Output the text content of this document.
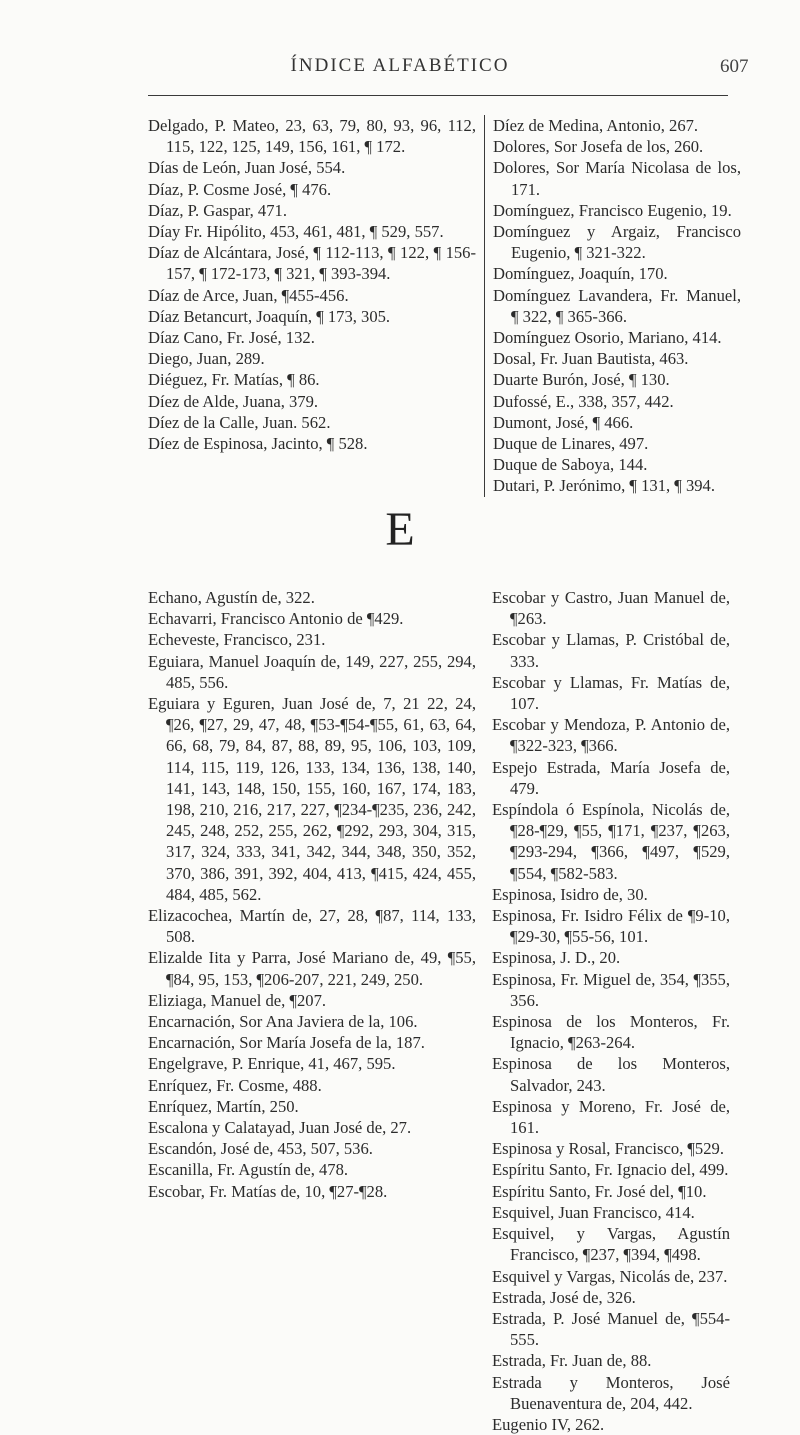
ÍNDICE ALFABÉTICO	607
Delgado, P. Mateo, 23, 63, 79, 80, 93, 96, 112, 115, 122, 125, 149, 156, 161, ¶ 172.
Días de León, Juan José, 554.
Díaz, P. Cosme José, ¶ 476.
Díaz, P. Gaspar, 471.
Díay Fr. Hipólito, 453, 461, 481, ¶ 529, 557.
Díaz de Alcántara, José, ¶ 112-113, ¶ 122, ¶ 156-157, ¶ 172-173, ¶ 321, ¶ 393-394.
Díaz de Arce, Juan, ¶455-456.
Díaz Betancurt, Joaquín, ¶ 173, 305.
Díaz Cano, Fr. José, 132.
Diego, Juan, 289.
Diéguez, Fr. Matías, ¶ 86.
Díez de Alde, Juana, 379.
Díez de la Calle, Juan. 562.
Díez de Espinosa, Jacinto, ¶ 528.
Díez de Medina, Antonio, 267.
Dolores, Sor Josefa de los, 260.
Dolores, Sor María Nicolasa de los, 171.
Domínguez, Francisco Eugenio, 19.
Domínguez y Argaiz, Francisco Eugenio, ¶ 321-322.
Domínguez, Joaquín, 170.
Domínguez Lavandera, Fr. Manuel, ¶ 322, ¶ 365-366.
Domínguez Osorio, Mariano, 414.
Dosal, Fr. Juan Bautista, 463.
Duarte Burón, José, ¶ 130.
Dufossé, E., 338, 357, 442.
Dumont, José, ¶ 466.
Duque de Linares, 497.
Duque de Saboya, 144.
Dutari, P. Jerónimo, ¶ 131, ¶ 394.
E
Echano, Agustín de, 322.
Echavarri, Francisco Antonio de ¶429.
Echeveste, Francisco, 231.
Eguiara, Manuel Joaquín de, 149, 227, 255, 294, 485, 556.
Eguiara y Eguren, Juan José de, 7, 21 22, 24, ¶26, ¶27, 29, 47, 48, ¶53-¶54-¶55, 61, 63, 64, 66, 68, 79, 84, 87, 88, 89, 95, 106, 103, 109, 114, 115, 119, 126, 133, 134, 136, 138, 140, 141, 143, 148, 150, 155, 160, 167, 174, 183, 198, 210, 216, 217, 227, ¶234-¶235, 236, 242, 245, 248, 252, 255, 262, ¶292, 293, 304, 315, 317, 324, 333, 341, 342, 344, 348, 350, 352, 370, 386, 391, 392, 404, 413, ¶415, 424, 455, 484, 485, 562.
Elizacochea, Martín de, 27, 28, ¶87, 114, 133, 508.
Elizalde Iita y Parra, José Mariano de, 49, ¶55, ¶84, 95, 153, ¶206-207, 221, 249, 250.
Eliziaga, Manuel de, ¶207.
Encarnación, Sor Ana Javiera de la, 106.
Encarnación, Sor María Josefa de la, 187.
Engelgrave, P. Enrique, 41, 467, 595.
Enríquez, Fr. Cosme, 488.
Enríquez, Martín, 250.
Escalona y Calatayad, Juan José de, 27.
Escandón, José de, 453, 507, 536.
Escanilla, Fr. Agustín de, 478.
Escobar, Fr. Matías de, 10, ¶27-¶28.
Escobar y Castro, Juan Manuel de, ¶263.
Escobar y Llamas, P. Cristóbal de, 333.
Escobar y Llamas, Fr. Matías de, 107.
Escobar y Mendoza, P. Antonio de, ¶322-323, ¶366.
Espejo Estrada, María Josefa de, 479.
Espíndola ó Espínola, Nicolás de, ¶28-¶29, ¶55, ¶171, ¶237, ¶263, ¶293-294, ¶366, ¶497, ¶529, ¶554, ¶582-583.
Espinosa, Isidro de, 30.
Espinosa, Fr. Isidro Félix de ¶9-10, ¶29-30, ¶55-56, 101.
Espinosa, J. D., 20.
Espinosa, Fr. Miguel de, 354, ¶355, 356.
Espinosa de los Monteros, Fr. Ignacio, ¶263-264.
Espinosa de los Monteros, Salvador, 243.
Espinosa y Moreno, Fr. José de, 161.
Espinosa y Rosal, Francisco, ¶529.
Espíritu Santo, Fr. Ignacio del, 499.
Espíritu Santo, Fr. José del, ¶10.
Esquivel, Juan Francisco, 414.
Esquivel, y Vargas, Agustín Francisco, ¶237, ¶394, ¶498.
Esquivel y Vargas, Nicolás de, 237.
Estrada, José de, 326.
Estrada, P. José Manuel de, ¶554-555.
Estrada, Fr. Juan de, 88.
Estrada y Monteros, José Buenaventura de, 204, 442.
Eugenio IV, 262.
